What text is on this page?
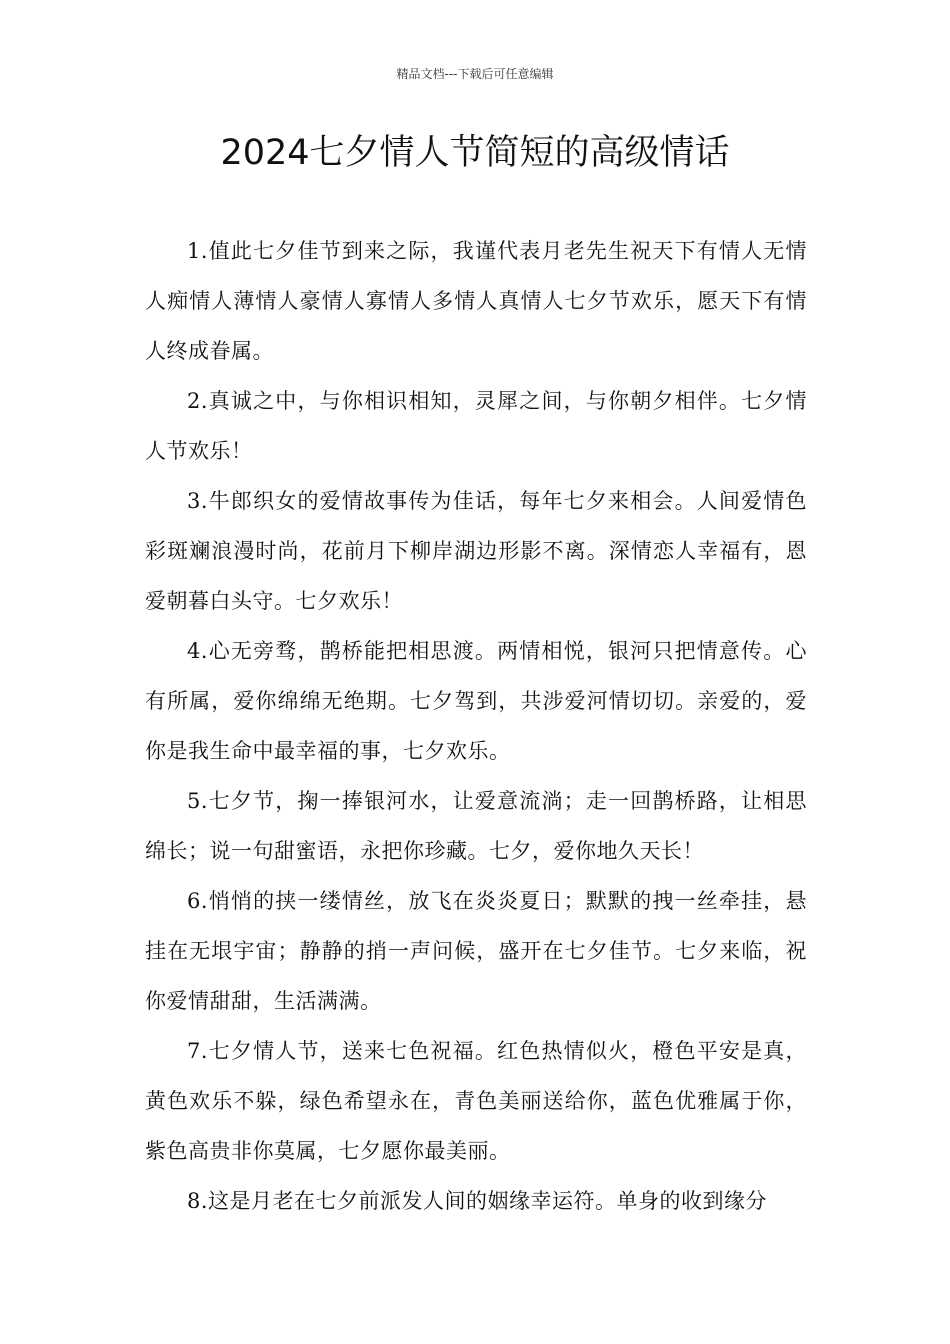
精品文档---下载后可任意编辑
2024七夕情人节简短的高级情话

1.值此七夕佳节到来之际，我谨代表月老先生祝天下有情人无情人痴情人薄情人豪情人寡情人多情人真情人七夕节欢乐，愿天下有情人终成眷属。

2.真诚之中，与你相识相知，灵犀之间，与你朝夕相伴。七夕情人节欢乐！

3.牛郎织女的爱情故事传为佳话，每年七夕来相会。人间爱情色彩斑斓浪漫时尚，花前月下柳岸湖边形影不离。深情恋人幸福有，恩爱朝暮白头守。七夕欢乐！

4.心无旁骛，鹊桥能把相思渡。两情相悦，银河只把情意传。心有所属，爱你绵绵无绝期。七夕驾到，共涉爱河情切切。亲爱的，爱你是我生命中最幸福的事，七夕欢乐。

5.七夕节，掬一捧银河水，让爱意流淌；走一回鹊桥路，让相思绵长；说一句甜蜜语，永把你珍藏。七夕，爱你地久天长！

6.悄悄的挟一缕情丝，放飞在炎炎夏日；默默的拽一丝牵挂，悬挂在无垠宇宙；静静的捎一声问候，盛开在七夕佳节。七夕来临，祝你爱情甜甜，生活满满。

7.七夕情人节，送来七色祝福。红色热情似火，橙色平安是真，黄色欢乐不躲，绿色希望永在，青色美丽送给你，蓝色优雅属于你，紫色高贵非你莫属，七夕愿你最美丽。

8.这是月老在七夕前派发人间的姻缘幸运符。单身的收到缘分
